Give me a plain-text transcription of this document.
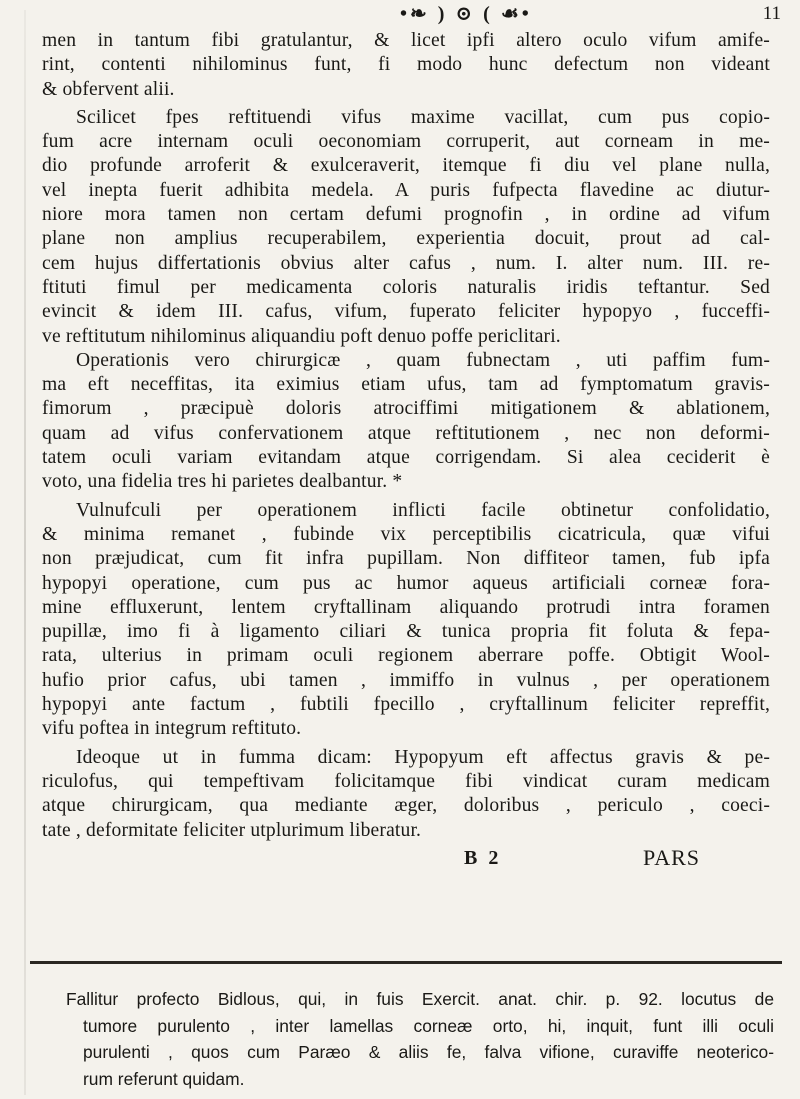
•❧ ) ⊙ ( ☙•	11
men in tantum fibi gratulantur, & licet ipfi altero oculo vifum amife-
rint, contenti nihilominus funt, fi modo hunc defectum non videant
& obfervent alii.
Scilicet fpes reftituendi vifus maxime vacillat, cum pus copio-
fum acre internam oculi oeconomiam corruperit, aut corneam in me-
dio profunde arroferit & exulceraverit, itemque fi diu vel plane nulla,
vel inepta fuerit adhibita medela. A puris fufpecta flavedine ac diutur-
niore mora tamen non certam defumi prognofin , in ordine ad vifum
plane non amplius recuperabilem, experientia docuit, prout ad cal-
cem hujus differtationis obvius alter cafus , num. I. alter num. III. re-
ftituti fimul per medicamenta coloris naturalis iridis teftantur. Sed
evincit & idem III. cafus, vifum, fuperato feliciter hypopyo , fucceffi-
ve reftitutum nihilominus aliquandiu poft denuo poffe periclitari.
Operationis vero chirurgicæ , quam fubnectam , uti paffim fum-
ma eft neceffitas, ita eximius etiam ufus, tam ad fymptomatum gravis-
fimorum , præcipuè doloris atrociffimi mitigationem & ablationem,
quam ad vifus confervationem atque reftitutionem , nec non deformi-
tatem oculi variam evitandam atque corrigendam. Si alea ceciderit è
voto, una fidelia tres hi parietes dealbantur. *
Vulnufculi per operationem inflicti facile obtinetur confolidatio,
& minima remanet , fubinde vix perceptibilis cicatricula, quæ vifui
non præjudicat, cum fit infra pupillam. Non diffiteor tamen, fub ipfa
hypopyi operatione, cum pus ac humor aqueus artificiali corneæ fora-
mine effluxerunt, lentem cryftallinam aliquando protrudi intra foramen
pupillæ, imo fi à ligamento ciliari & tunica propria fit foluta & fepa-
rata, ulterius in primam oculi regionem aberrare poffe. Obtigit Wool-
hufio prior cafus, ubi tamen , immiffo in vulnus , per operationem
hypopyi ante factum , fubtili fpecillo , cryftallinum feliciter repreffit,
vifu poftea in integrum reftituto.
Ideoque ut in fumma dicam: Hypopyum eft affectus gravis & pe-
riculofus, qui tempeftivam folicitamque fibi vindicat curam medicam
atque chirurgicam, qua mediante æger, doloribus , periculo , coeci-
tate , deformitate feliciter utplurimum liberatur.
B 2	PARS
Fallitur profecto Bidlous, qui, in fuis Exercit. anat. chir. p. 92. locutus de
tumore purulento , inter lamellas corneæ orto, hi, inquit, funt illi oculi
purulenti , quos cum Paræo & aliis fe, falva vifione, curaviffe neoterico-
rum referunt quidam.
